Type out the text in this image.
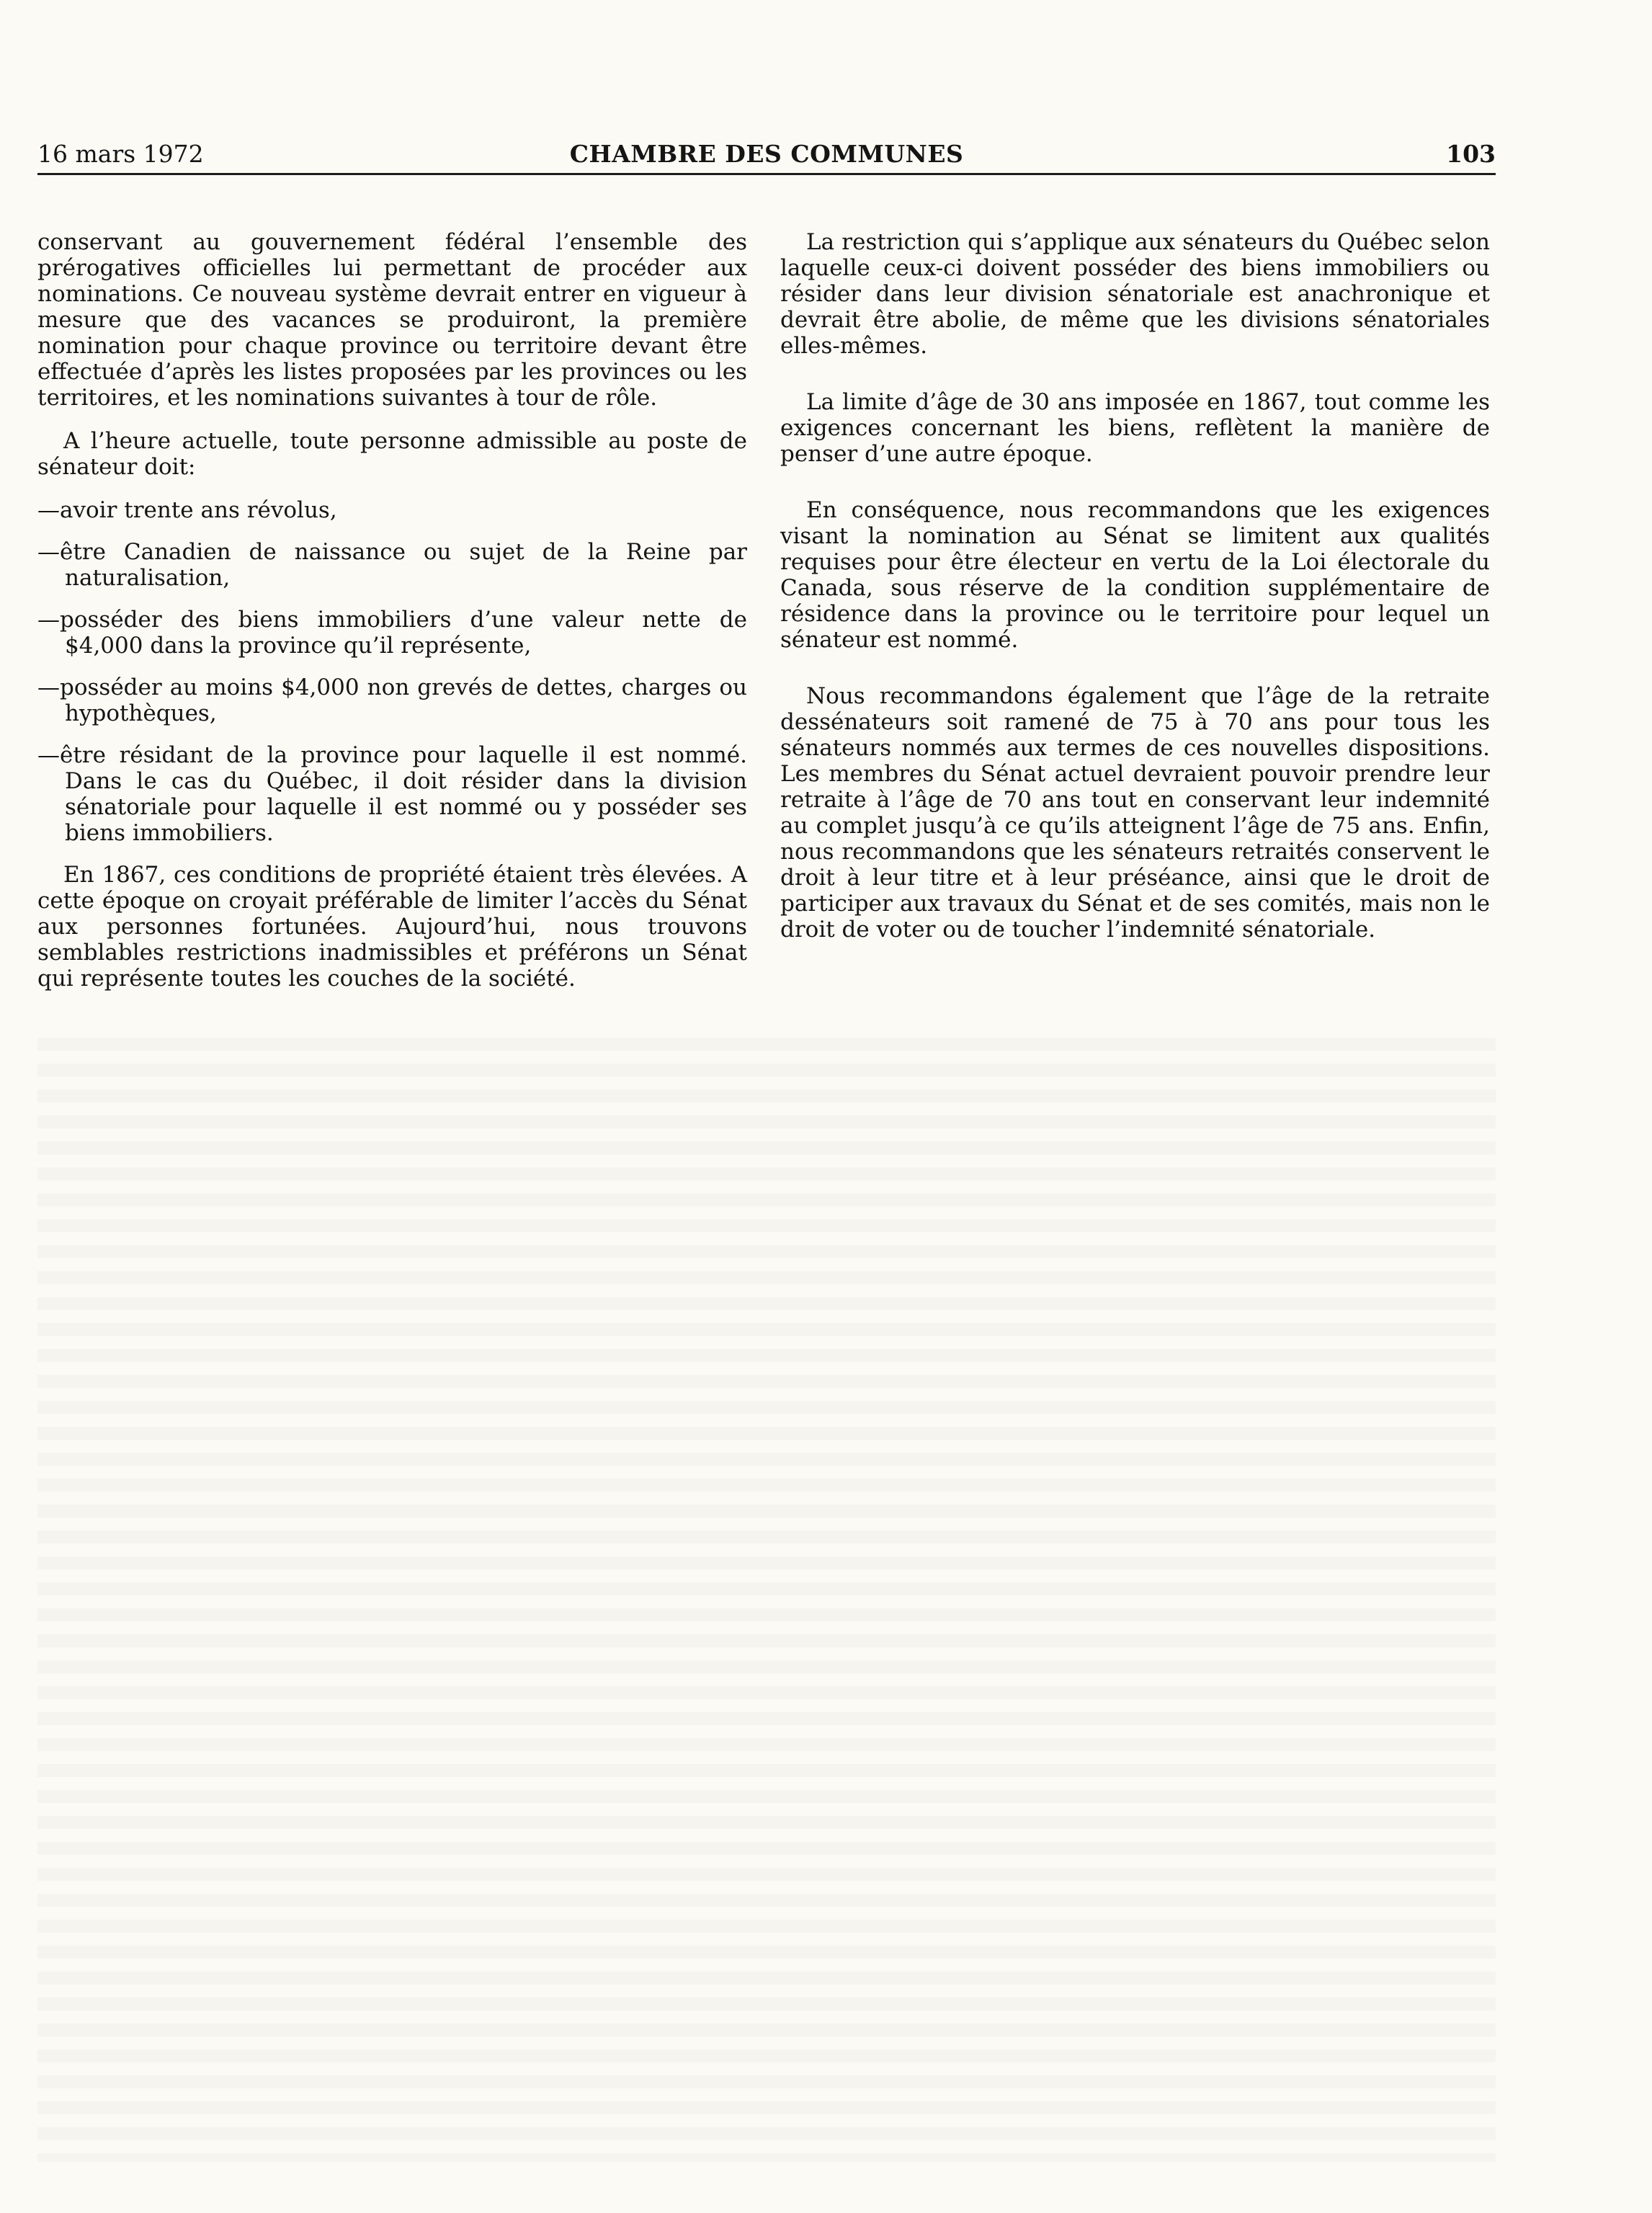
16 mars 1972	CHAMBRE DES COMMUNES	103

conservant au gouvernement fédéral l’ensemble des prérogatives officielles lui permettant de procéder aux nominations. Ce nouveau système devrait entrer en vigueur à mesure que des vacances se produiront, la première nomination pour chaque province ou territoire devant être effectuée d’après les listes proposées par les provinces ou les territoires, et les nominations suivantes à tour de rôle.

A l’heure actuelle, toute personne admissible au poste de sénateur doit:

—avoir trente ans révolus,
—être Canadien de naissance ou sujet de la Reine par naturalisation,
—posséder des biens immobiliers d’une valeur nette de $4,000 dans la province qu’il représente,
—posséder au moins $4,000 non grevés de dettes, charges ou hypothèques,
—être résidant de la province pour laquelle il est nommé. Dans le cas du Québec, il doit résider dans la division sénatoriale pour laquelle il est nommé ou y posséder ses biens immobiliers.

En 1867, ces conditions de propriété étaient très élevées. A cette époque on croyait préférable de limiter l’accès du Sénat aux personnes fortunées. Aujourd’hui, nous trouvons semblables restrictions inadmissibles et préférons un Sénat qui représente toutes les couches de la société.

La restriction qui s’applique aux sénateurs du Québec selon laquelle ceux-ci doivent posséder des biens immobiliers ou résider dans leur division sénatoriale est anachronique et devrait être abolie, de même que les divisions sénatoriales elles-mêmes.

La limite d’âge de 30 ans imposée en 1867, tout comme les exigences concernant les biens, reflètent la manière de penser d’une autre époque.

En conséquence, nous recommandons que les exigences visant la nomination au Sénat se limitent aux qualités requises pour être électeur en vertu de la Loi électorale du Canada, sous réserve de la condition supplémentaire de résidence dans la province ou le territoire pour lequel un sénateur est nommé.

Nous recommandons également que l’âge de la retraite dessénateurs soit ramené de 75 à 70 ans pour tous les sénateurs nommés aux termes de ces nouvelles dispositions. Les membres du Sénat actuel devraient pouvoir prendre leur retraite à l’âge de 70 ans tout en conservant leur indemnité au complet jusqu’à ce qu’ils atteignent l’âge de 75 ans. Enfin, nous recommandons que les sénateurs retraités conservent le droit à leur titre et à leur préséance, ainsi que le droit de participer aux travaux du Sénat et de ses comités, mais non le droit de voter ou de toucher l’indemnité sénatoriale.
